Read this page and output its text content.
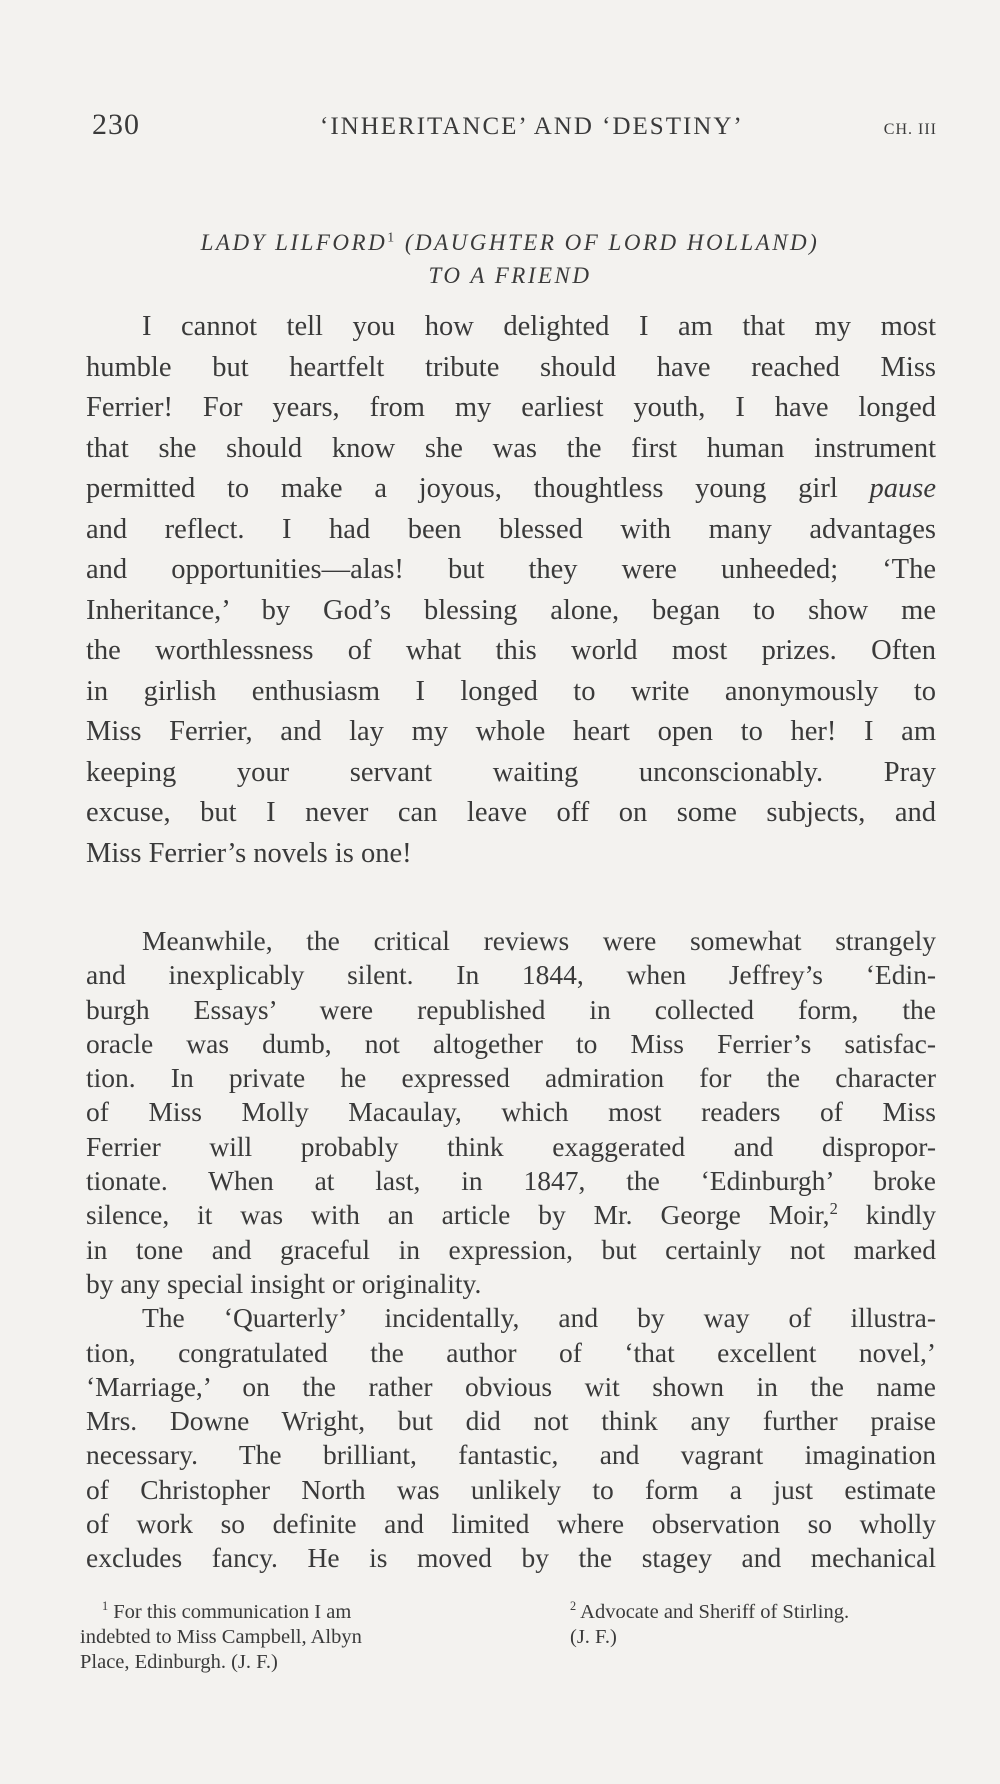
230	‘INHERITANCE’ AND ‘DESTINY’	CH. III
LADY LILFORD$^1$ (DAUGHTER OF LORD HOLLAND)
TO A FRIEND
I cannot tell you how delighted I am that my most
humble but heartfelt tribute should have reached Miss
Ferrier! For years, from my earliest youth, I have longed
that she should know she was the first human instrument
permitted to make a joyous, thoughtless young girl pause
and reflect. I had been blessed with many advantages
and opportunities—alas! but they were unheeded; ‘The
Inheritance,’ by God’s blessing alone, began to show me
the worthlessness of what this world most prizes. Often
in girlish enthusiasm I longed to write anonymously to
Miss Ferrier, and lay my whole heart open to her! I am
keeping your servant waiting unconscionably. Pray
excuse, but I never can leave off on some subjects, and
Miss Ferrier’s novels is one!
Meanwhile, the critical reviews were somewhat strangely
and inexplicably silent. In 1844, when Jeffrey’s ‘Edin-
burgh Essays’ were republished in collected form, the
oracle was dumb, not altogether to Miss Ferrier’s satisfac-
tion. In private he expressed admiration for the character
of Miss Molly Macaulay, which most readers of Miss
Ferrier will probably think exaggerated and dispropor-
tionate. When at last, in 1847, the ‘Edinburgh’ broke
silence, it was with an article by Mr. George Moir,$^2$ kindly
in tone and graceful in expression, but certainly not marked
by any special insight or originality.
The ‘Quarterly’ incidentally, and by way of illustra-
tion, congratulated the author of ‘that excellent novel,’
‘Marriage,’ on the rather obvious wit shown in the name
Mrs. Downe Wright, but did not think any further praise
necessary. The brilliant, fantastic, and vagrant imagination
of Christopher North was unlikely to form a just estimate
of work so definite and limited where observation so wholly
excludes fancy. He is moved by the stagey and mechanical
$^1$ For this communication I am
indebted to Miss Campbell, Albyn
Place, Edinburgh. (J. F.)
$^2$ Advocate and Sheriff of Stirling.
(J. F.)
